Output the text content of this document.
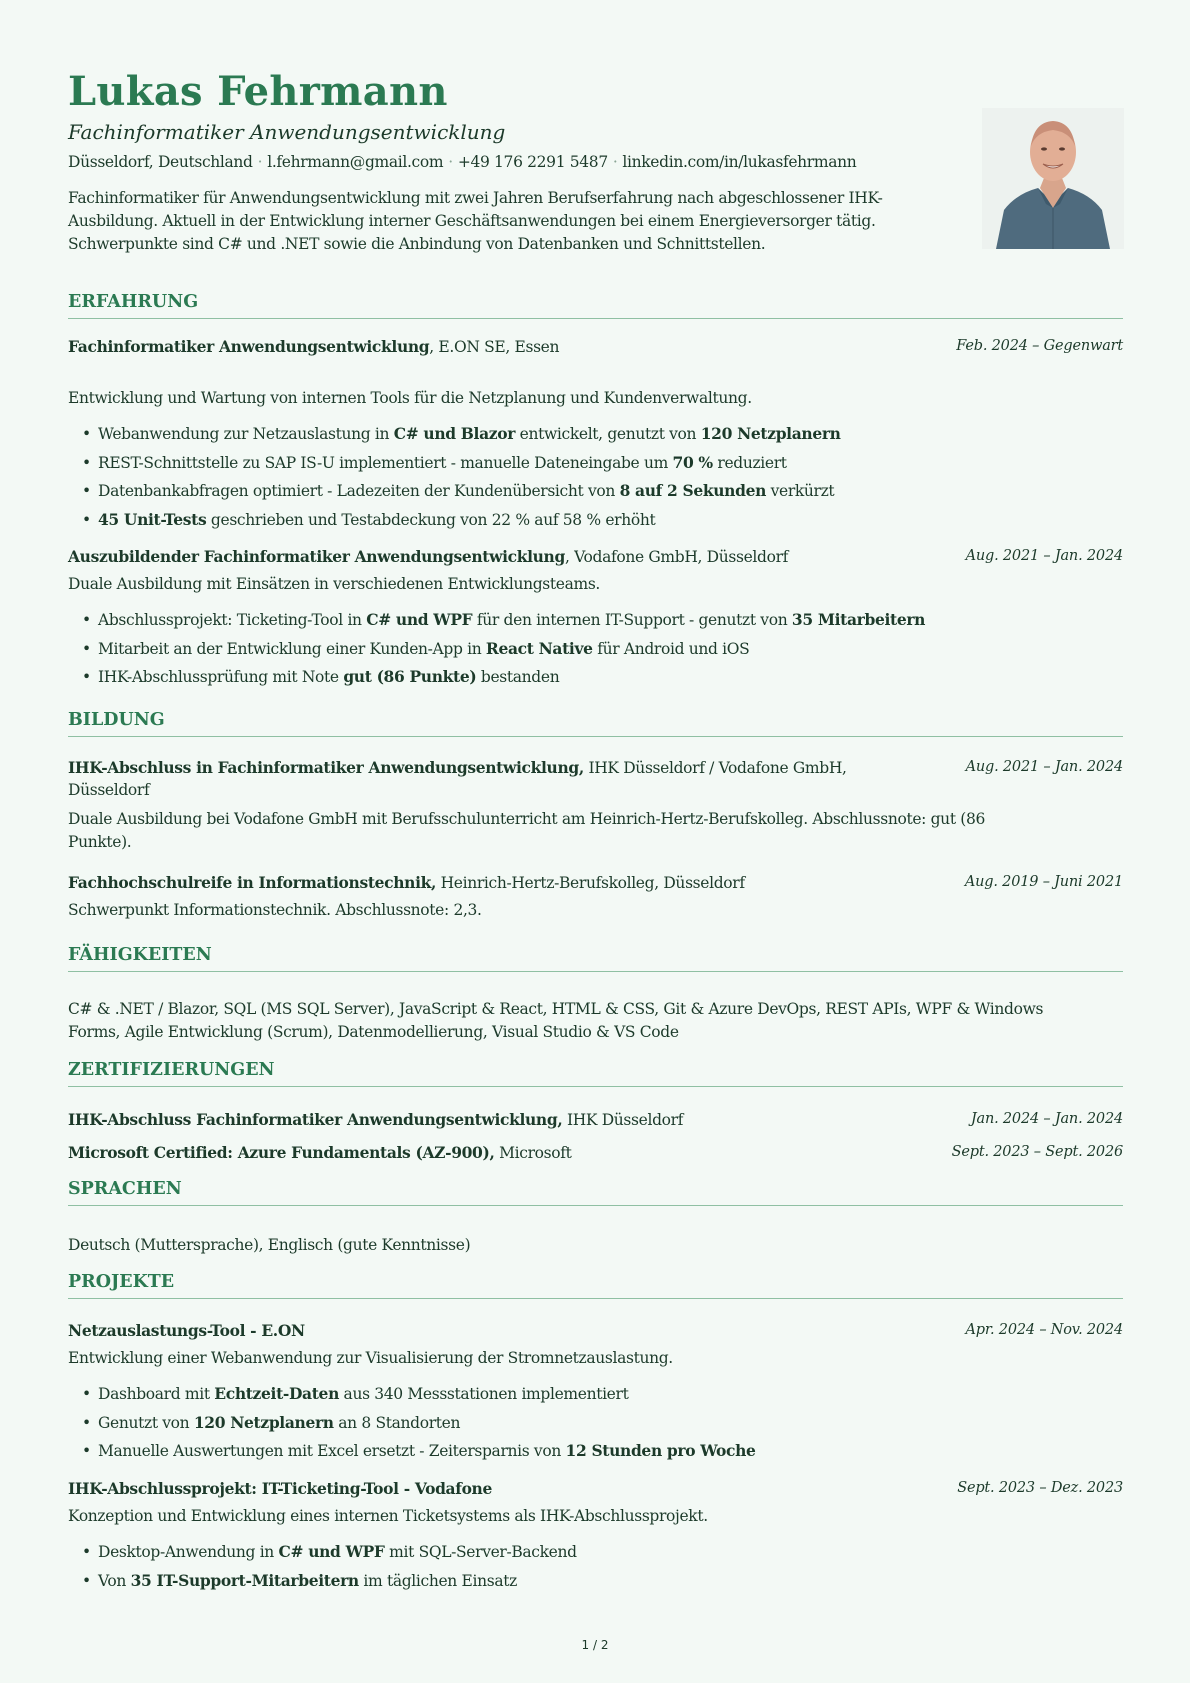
Lukas Fehrmann
Fachinformatiker Anwendungsentwicklung
Düsseldorf, Deutschland · l.fehrmann@gmail.com · +49 176 2291 5487 · linkedin.com/in/lukasfehrmann
Fachinformatiker für Anwendungsentwicklung mit zwei Jahren Berufserfahrung nach abgeschlossener IHK-Ausbildung. Aktuell in der Entwicklung interner Geschäftsanwendungen bei einem Energieversorger tätig. Schwerpunkte sind C# und .NET sowie die Anbindung von Datenbanken und Schnittstellen.
ERFAHRUNG
Fachinformatiker Anwendungsentwicklung, E.ON SE, Essen	Feb. 2024 – Gegenwart
Entwicklung und Wartung von internen Tools für die Netzplanung und Kundenverwaltung.
• Webanwendung zur Netzauslastung in C# und Blazor entwickelt, genutzt von 120 Netzplanern
• REST-Schnittstelle zu SAP IS-U implementiert - manuelle Dateneingabe um 70 % reduziert
• Datenbankabfragen optimiert - Ladezeiten der Kundenübersicht von 8 auf 2 Sekunden verkürzt
• 45 Unit-Tests geschrieben und Testabdeckung von 22 % auf 58 % erhöht
Auszubildender Fachinformatiker Anwendungsentwicklung, Vodafone GmbH, Düsseldorf	Aug. 2021 – Jan. 2024
Duale Ausbildung mit Einsätzen in verschiedenen Entwicklungsteams.
• Abschlussprojekt: Ticketing-Tool in C# und WPF für den internen IT-Support - genutzt von 35 Mitarbeitern
• Mitarbeit an der Entwicklung einer Kunden-App in React Native für Android und iOS
• IHK-Abschlussprüfung mit Note gut (86 Punkte) bestanden
BILDUNG
IHK-Abschluss in Fachinformatiker Anwendungsentwicklung, IHK Düsseldorf / Vodafone GmbH,	Aug. 2021 – Jan. 2024
Düsseldorf
Duale Ausbildung bei Vodafone GmbH mit Berufsschulunterricht am Heinrich-Hertz-Berufskolleg. Abschlussnote: gut (86
Punkte).
Fachhochschulreife in Informationstechnik, Heinrich-Hertz-Berufskolleg, Düsseldorf	Aug. 2019 – Juni 2021
Schwerpunkt Informationstechnik. Abschlussnote: 2,3.
FÄHIGKEITEN
C# & .NET / Blazor, SQL (MS SQL Server), JavaScript & React, HTML & CSS, Git & Azure DevOps, REST APIs, WPF & Windows
Forms, Agile Entwicklung (Scrum), Datenmodellierung, Visual Studio & VS Code
ZERTIFIZIERUNGEN
IHK-Abschluss Fachinformatiker Anwendungsentwicklung, IHK Düsseldorf	Jan. 2024 – Jan. 2024
Microsoft Certified: Azure Fundamentals (AZ-900), Microsoft	Sept. 2023 – Sept. 2026
SPRACHEN
Deutsch (Muttersprache), Englisch (gute Kenntnisse)
PROJEKTE
Netzauslastungs-Tool - E.ON	Apr. 2024 – Nov. 2024
Entwicklung einer Webanwendung zur Visualisierung der Stromnetzauslastung.
• Dashboard mit Echtzeit-Daten aus 340 Messstationen implementiert
• Genutzt von 120 Netzplanern an 8 Standorten
• Manuelle Auswertungen mit Excel ersetzt - Zeitersparnis von 12 Stunden pro Woche
IHK-Abschlussprojekt: IT-Ticketing-Tool - Vodafone	Sept. 2023 – Dez. 2023
Konzeption und Entwicklung eines internen Ticketsystems als IHK-Abschlussprojekt.
• Desktop-Anwendung in C# und WPF mit SQL-Server-Backend
• Von 35 IT-Support-Mitarbeitern im täglichen Einsatz
1 / 2
